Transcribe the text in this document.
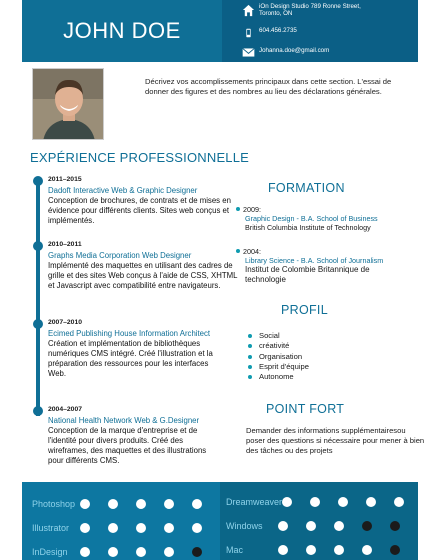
JOHN DOE
iOn Design Studio 789 Ronne Street, Toronto, ON
604.456.2735
Johanna.doe@gmail.com
Décrivez vos accomplissements principaux dans cette section. L'essai de donner des figures et des nombres au lieu des déclarations générales.
EXPÉRIENCE PROFESSIONNELLE
2011–2015
Dadoft Interactive Web & Graphic Designer
Conception de brochures, de contrats et de mises en évidence pour différents clients. Sites web conçus et implémentés.
2010–2011
Graphs Media Corporation Web Designer
Implémenté des maquettes en utilisant des cadres de grille et des sites Web conçus à l'aide de CSS, XHTML et Javascript avec compatibilité entre navigateurs.
2007–2010
Ecimed Publishing House Information Architect
Création et implémentation de bibliothèques numériques CMS intégré. Créé l'illustration et la préparation des ressources pour les interfaces Web.
2004–2007
National Health Network Web & G.Designer
Conception de la marque d'entreprise et de l'identité pour divers produits. Créé des wireframes, des maquettes et des illustrations pour différents CMS.
FORMATION
2009:
Graphic Design - B.A. School of Business
British Columbia Institute of Technology
2004:
Library Science - B.A. School of Journalism
Institut de Colombie Britannique de technologie
PROFIL
Social
créativité
Organisation
Esprit d'équipe
Autonome
POINT FORT
Demander des informations supplémentairesou poser des questions si nécessaire pour mener à bien des tâches ou des projets
Photoshop
Illustrator
InDesign
Dreamweaver
Windows
Mac
